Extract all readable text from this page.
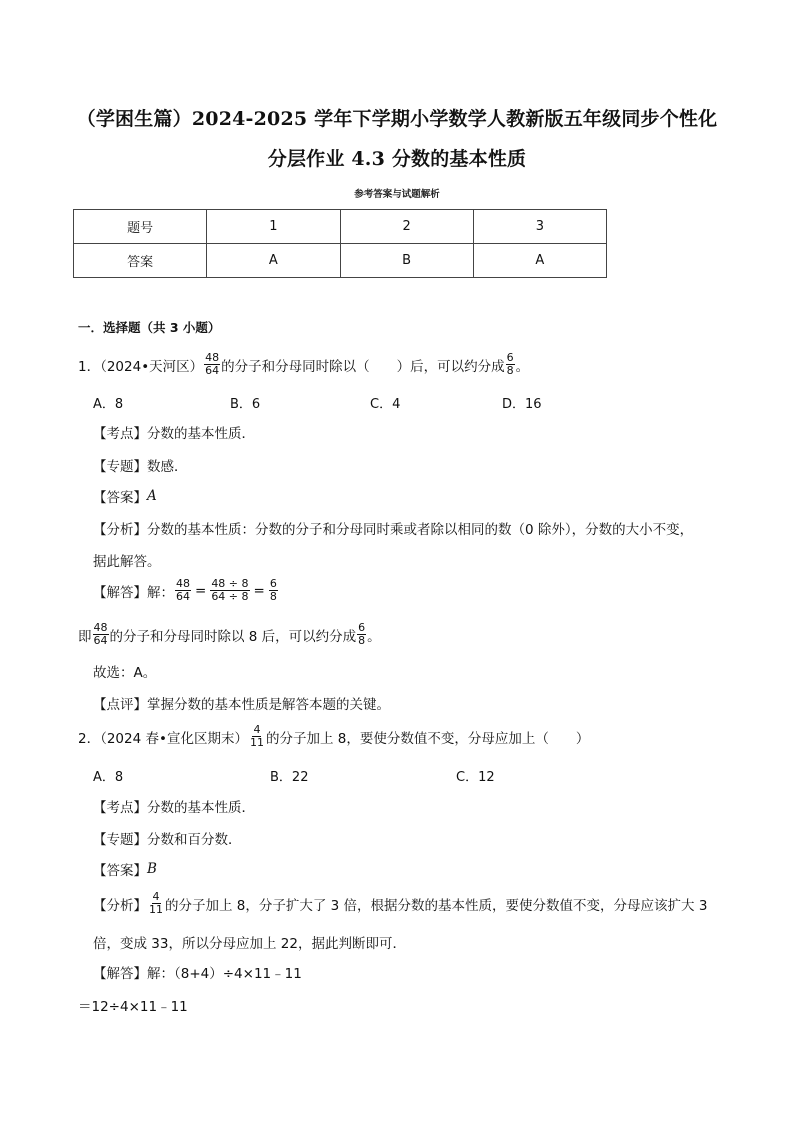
（学困生篇）2024-2025 学年下学期小学数学人教新版五年级同步个性化
分层作业 4.3 分数的基本性质
参考答案与试题解析
题号	1	2	3
答案	A	B	A
一．选择题（共 3 小题）
1．（2024•天河区） $\frac{48}{64}$ 的分子和分母同时除以（　　）后，可以约分成 $\frac{6}{8}$ 。
A．8	B．6	C．4	D．16
【考点】 分数的基本性质．
【专题】 数感．
【答案】 A
【分析】 分数的基本性质：分数的分子和分母同时乘或者除以相同的数（0 除外），分数的大小不变，
据此解答。
【解答】 解： $\frac{48}{64} = \frac{48 \div 8}{64 \div 8} = \frac{6}{8}$
即 $\frac{48}{64}$ 的分子和分母同时除以 8 后，可以约分成 $\frac{6}{8}$ 。
故选：A。
【点评】 掌握分数的基本性质是解答本题的关键。
2．（2024 春•宣化区期末） $\frac{4}{11}$ 的分子加上 8，要使分数值不变，分母应加上（　　）
A．8	B．22	C．12
【考点】 分数的基本性质．
【专题】 分数和百分数．
【答案】 B
【分析】 $\frac{4}{11}$ 的分子加上 8，分子扩大了 3 倍，根据分数的基本性质，要使分数值不变，分母应该扩大 3
倍，变成 33，所以分母应加上 22，据此判断即可．
【解答】 解：（8+4）÷4×11﹣11
＝12÷4×11﹣11
